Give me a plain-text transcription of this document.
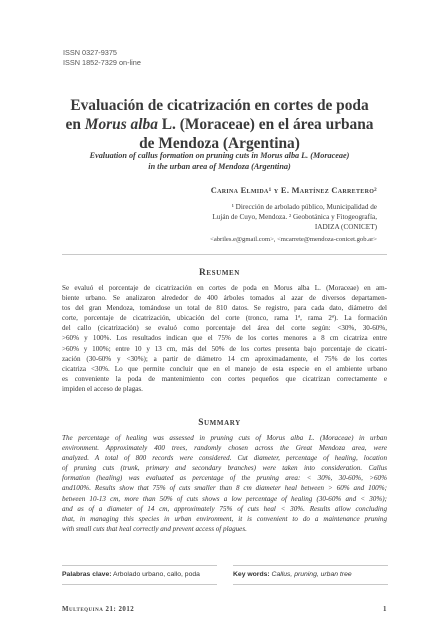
ISSN 0327-9375
ISSN 1852-7329 on-line
Evaluación de cicatrización en cortes de poda
en Morus alba L. (Moraceae) en el área urbana
de Mendoza (Argentina)
Evaluation of callus formation on pruning cuts in Morus alba L. (Moraceae)
in the urban area of Mendoza (Argentina)
Carina Elmida¹ y E. Martínez Carretero²
¹ Dirección de arbolado público, Municipalidad de
Luján de Cuyo, Mendoza. ² Geobotánica y Fitogeografía,
IADIZA (CONICET)
<abriles.e@gmail.com>, <mcarrete@mendoza-conicet.gob.ar>
Resumen
Se evaluó el porcentaje de cicatrización en cortes de poda en Morus alba L. (Moraceae) en am-
biente urbano. Se analizaron alrededor de 400 árboles tomados al azar de diversos departamen-
tos del gran Mendoza, tomándose un total de 810 datos. Se registro, para cada dato, diámetro del
corte, porcentaje de cicatrización, ubicación del corte (tronco, rama 1ª, rama 2ª). La formación
del callo (cicatrización) se evaluó como porcentaje del área del corte según: <30%, 30-60%,
>60% y 100%. Los resultados indican que el 75% de los cortes menores a 8 cm cicatriza entre
>60% y 100%; entre 10 y 13 cm, más del 50% de los cortes presenta bajo porcentaje de cicatri-
zación (30-60% y <30%); a partir de diámetro 14 cm aproximadamente, el 75% de los cortes
cicatriza <30%. Lo que permite concluir que en el manejo de esta especie en el ambiente urbano
es conveniente la poda de mantenimiento con cortes pequeños que cicatrizan correctamente e
impiden el acceso de plagas.
Summary
The percentage of healing was assessed in pruning cuts of Morus alba L. (Moraceae) in urban
environment. Approximately 400 trees, randomly chosen across the Great Mendoza area, were
analyzed. A total of 800 records were considered. Cut diameter, percentage of healing, location
of pruning cuts (trunk, primary and secondary branches) were taken into consideration. Callus
formation (healing) was evaluated as percentage of the pruning area: < 30%, 30-60%, >60%
and100%. Results show that 75% of cuts smaller than 8 cm diameter heal between > 60% and 100%;
between 10-13 cm, more than 50% of cuts shows a low percentage of healing (30-60% and < 30%);
and as of a diameter of 14 cm, approximately 75% of cuts heal < 30%. Results allow concluding
that, in managing this species in urban environment, it is convenient to do a maintenance pruning
with small cuts that heal correctly and prevent access of plagues.
Palabras clave: Arbolado urbano, callo, poda	Key words: Callus, pruning, urban tree
Multequina 21: 2012	1
